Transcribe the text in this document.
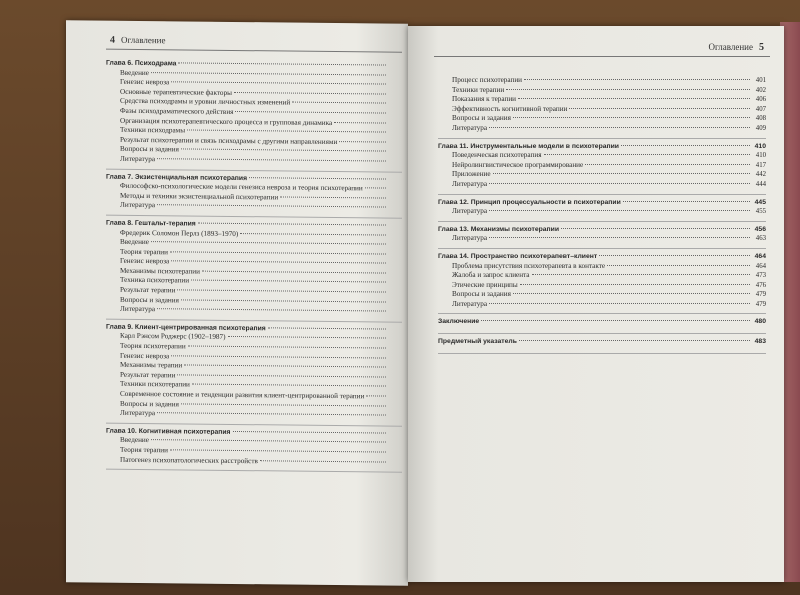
4 Оглавление
Глава 6. Психодрама
Введение
Генезис невроза
Основные терапевтические факторы
Средства психодрамы и уровни личностных изменений
Фазы психодраматического действия
Организация психотерапевтического процесса и групповая динамика
Техники психодрамы
Результат психотерапии и связь психодрамы с другими направлениями
Вопросы и задания
Литература
Глава 7. Экзистенциальная психотерапия
Философско-психологические модели генезиса невроза и теория психотерапии
Методы и техники экзистенциальной психотерапии
Литература
Глава 8. Гештальт-терапия
Фредерик Соломон Перлз (1893–1970)
Введение
Теория терапии
Генезис невроза
Механизмы психотерапии
Техника психотерапии
Результат терапии
Вопросы и задания
Литература
Глава 9. Клиент-центрированная психотерапия
Карл Рэнсом Роджерс (1902–1987)
Теория психотерапии
Генезис невроза
Механизмы терапии
Результат терапии
Техники психотерапии
Современное состояние и тенденции развития клиент-центрированной терапии
Вопросы и задания
Литература
Глава 10. Когнитивная психотерапия
Введение
Теория терапии
Патогенез психопатологических расстройств
Оглавление 5
Процесс психотерапии	401
Техники терапии	402
Показания к терапии	406
Эффективность когнитивной терапии	407
Вопросы и задания	408
Литература	409
Глава 11. Инструментальные модели в психотерапии	410
Поведенческая психотерапия	410
Нейролингвистическое программирование	417
Приложение	442
Литература	444
Глава 12. Принцип процессуальности в психотерапии	445
Литература	455
Глава 13. Механизмы психотерапии	456
Литература	463
Глава 14. Пространство психотерапевт–клиент	464
Проблема присутствия психотерапевта в контакте	464
Жалоба и запрос клиента	473
Этические принципы	476
Вопросы и задания	479
Литература	479
Заключение	480
Предметный указатель	483
